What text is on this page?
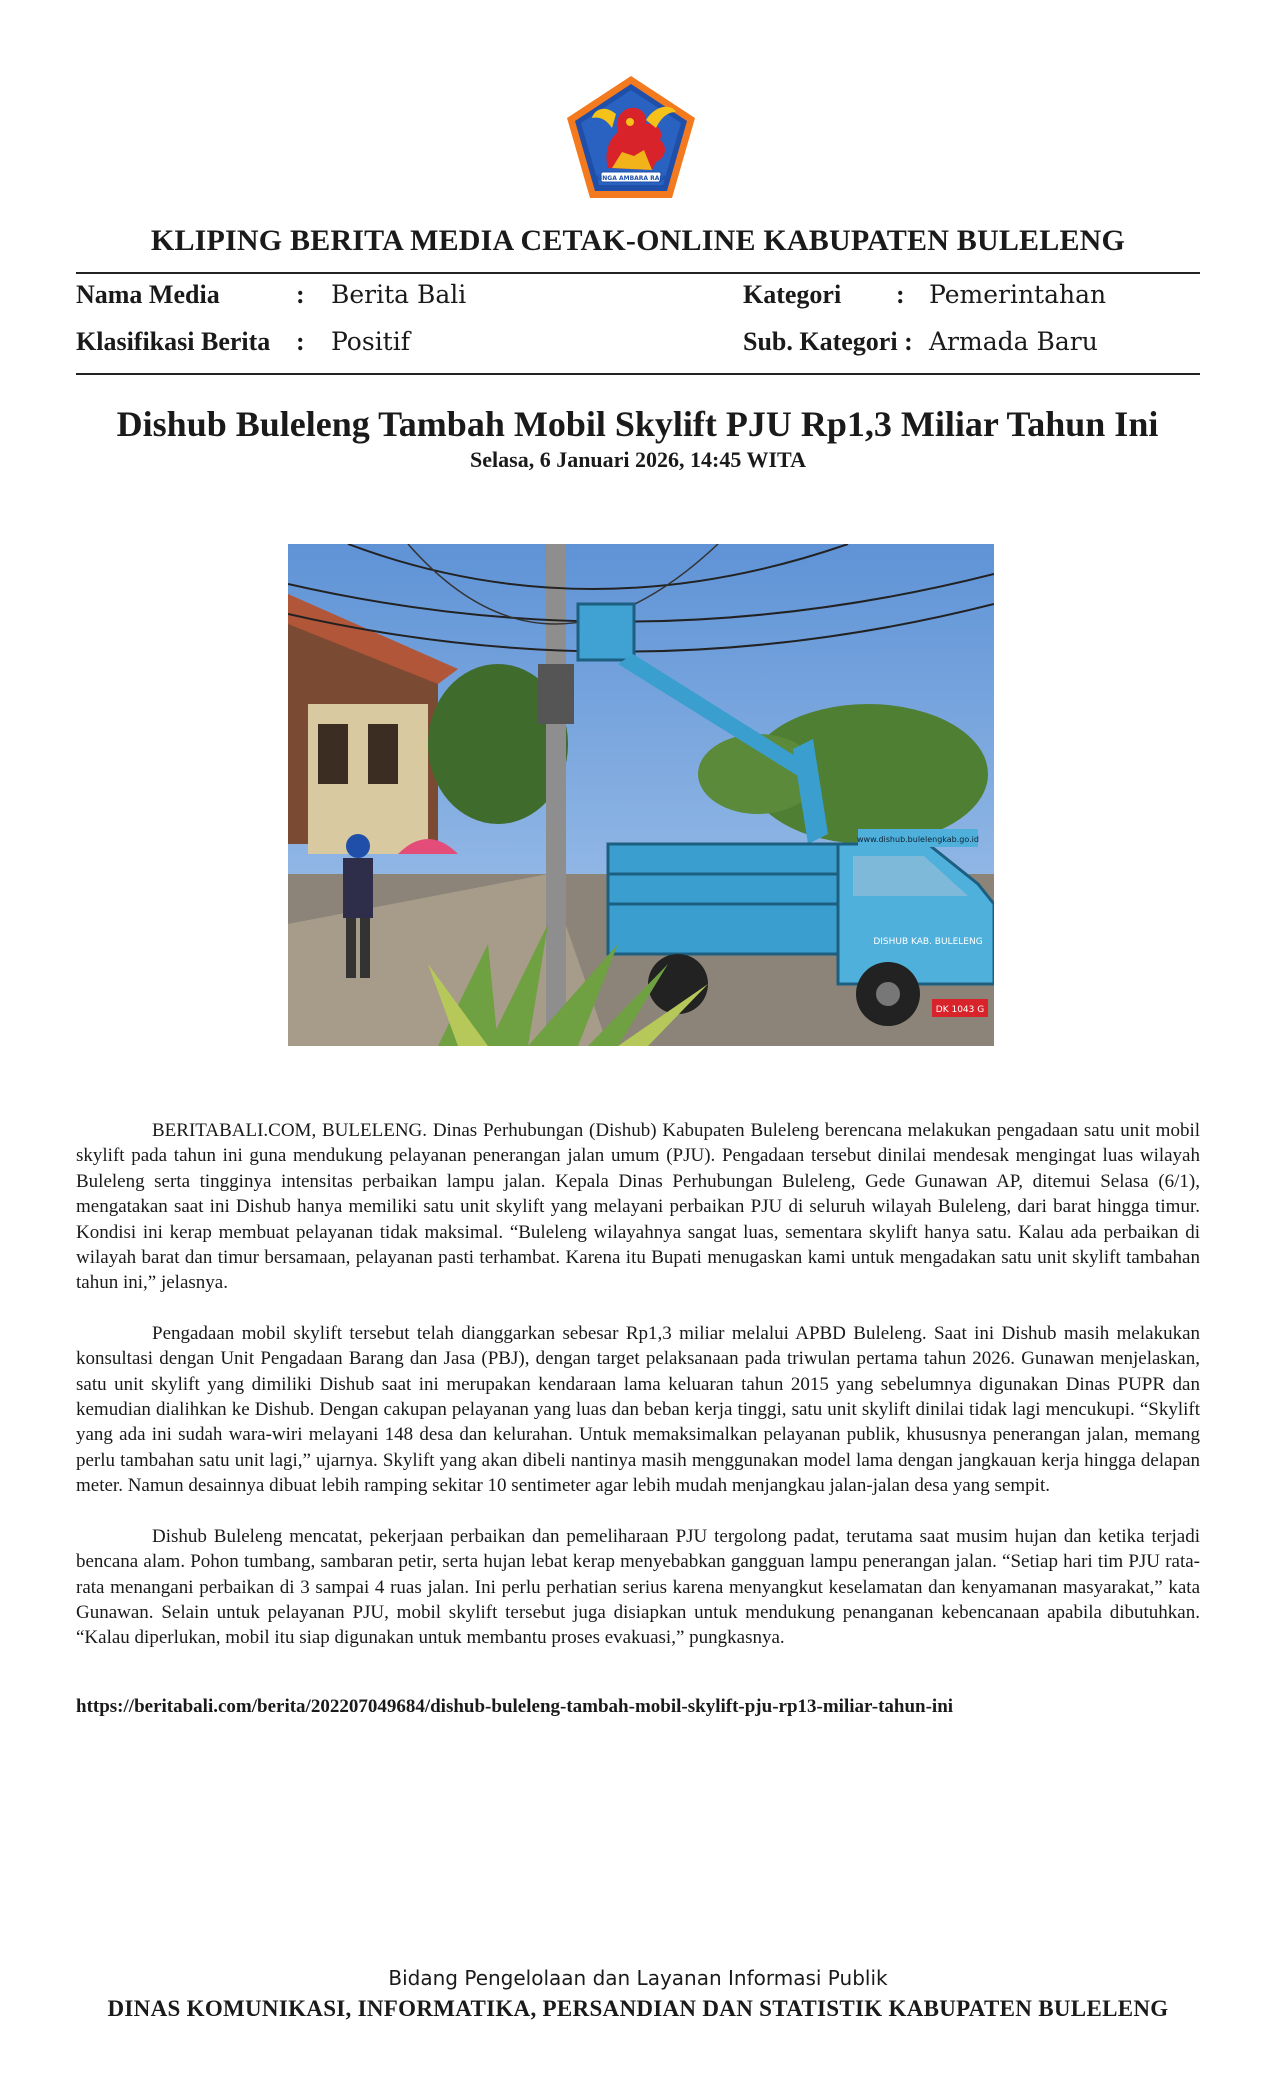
SINGA AMBARA RAJA
KLIPING BERITA MEDIA CETAK-ONLINE KABUPATEN BULELENG
Nama Media	: Berita Bali	Kategori : Pemerintahan
Klasifikasi Berita : Positif	Sub. Kategori : Armada Baru
Dishub Buleleng Tambah Mobil Skylift PJU Rp1,3 Miliar Tahun Ini
Selasa, 6 Januari 2026, 14:45 WITA
www.dishub.bulelengkab.go.id
DISHUB KAB. BULELENG
DK 1043 G

BERITABALI.COM, BULELENG. Dinas Perhubungan (Dishub) Kabupaten Buleleng berencana melakukan pengadaan satu unit mobil skylift pada tahun ini guna mendukung pelayanan penerangan jalan umum (PJU). Pengadaan tersebut dinilai mendesak mengingat luas wilayah Buleleng serta tingginya intensitas perbaikan lampu jalan. Kepala Dinas Perhubungan Buleleng, Gede Gunawan AP, ditemui Selasa (6/1), mengatakan saat ini Dishub hanya memiliki satu unit skylift yang melayani perbaikan PJU di seluruh wilayah Buleleng, dari barat hingga timur. Kondisi ini kerap membuat pelayanan tidak maksimal. “Buleleng wilayahnya sangat luas, sementara skylift hanya satu. Kalau ada perbaikan di wilayah barat dan timur bersamaan, pelayanan pasti terhambat. Karena itu Bupati menugaskan kami untuk mengadakan satu unit skylift tambahan tahun ini,” jelasnya.

Pengadaan mobil skylift tersebut telah dianggarkan sebesar Rp1,3 miliar melalui APBD Buleleng. Saat ini Dishub masih melakukan konsultasi dengan Unit Pengadaan Barang dan Jasa (PBJ), dengan target pelaksanaan pada triwulan pertama tahun 2026. Gunawan menjelaskan, satu unit skylift yang dimiliki Dishub saat ini merupakan kendaraan lama keluaran tahun 2015 yang sebelumnya digunakan Dinas PUPR dan kemudian dialihkan ke Dishub. Dengan cakupan pelayanan yang luas dan beban kerja tinggi, satu unit skylift dinilai tidak lagi mencukupi. “Skylift yang ada ini sudah wara-wiri melayani 148 desa dan kelurahan. Untuk memaksimalkan pelayanan publik, khususnya penerangan jalan, memang perlu tambahan satu unit lagi,” ujarnya. Skylift yang akan dibeli nantinya masih menggunakan model lama dengan jangkauan kerja hingga delapan meter. Namun desainnya dibuat lebih ramping sekitar 10 sentimeter agar lebih mudah menjangkau jalan-jalan desa yang sempit.

Dishub Buleleng mencatat, pekerjaan perbaikan dan pemeliharaan PJU tergolong padat, terutama saat musim hujan dan ketika terjadi bencana alam. Pohon tumbang, sambaran petir, serta hujan lebat kerap menyebabkan gangguan lampu penerangan jalan. “Setiap hari tim PJU rata-rata menangani perbaikan di 3 sampai 4 ruas jalan. Ini perlu perhatian serius karena menyangkut keselamatan dan kenyamanan masyarakat,” kata Gunawan. Selain untuk pelayanan PJU, mobil skylift tersebut juga disiapkan untuk mendukung penanganan kebencanaan apabila dibutuhkan. “Kalau diperlukan, mobil itu siap digunakan untuk membantu proses evakuasi,” pungkasnya.

https://beritabali.com/berita/202207049684/dishub-buleleng-tambah-mobil-skylift-pju-rp13-miliar-tahun-ini
Bidang Pengelolaan dan Layanan Informasi Publik
DINAS KOMUNIKASI, INFORMATIKA, PERSANDIAN DAN STATISTIK KABUPATEN BULELENG
